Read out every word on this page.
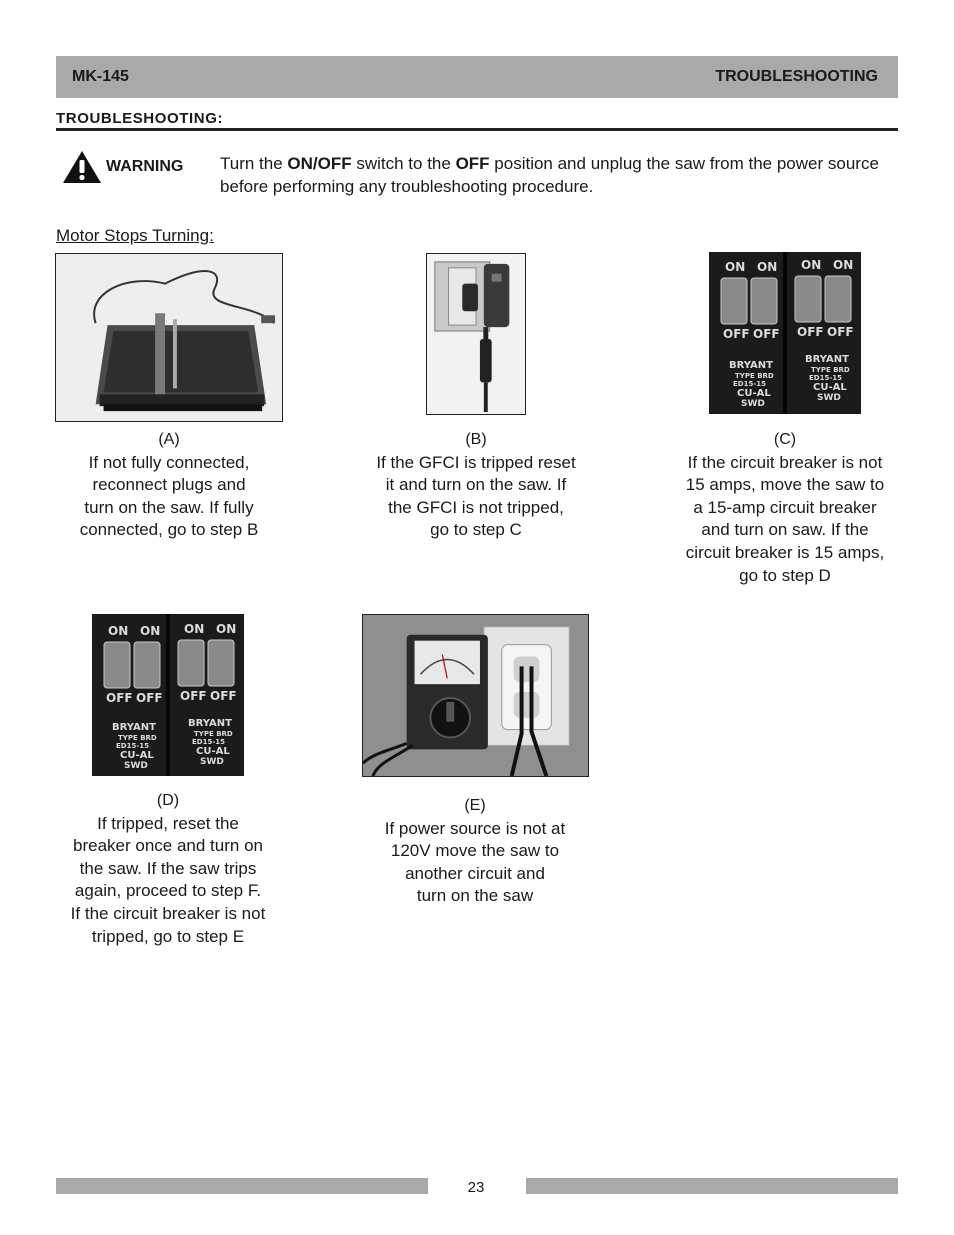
MK-145	TROUBLESHOOTING
TROUBLESHOOTING:
WARNING Turn the ON/OFF switch to the OFF position and unplug the saw from the power source before performing any troubleshooting procedure.
Motor Stops Turning:
ON ON ON ON
OFF OFF OFF OFF
BRYANT
TYPE BRD
ED15-15
CU-AL
SWD
BRYANT
TYPE BRD
ED15-15
CU-AL
SWD
ON ON ON ON
OFF OFF OFF OFF
BRYANT
TYPE BRD
ED15-15
CU-AL
SWD
BRYANT
TYPE BRD
ED15-15
CU-AL
SWD
(A)
If not fully connected,
reconnect plugs and
turn on the saw. If fully
connected, go to step B
(B)
If the GFCI is tripped reset
it and turn on the saw. If
the GFCI is not tripped,
go to step C
(C)
If the circuit breaker is not
15 amps, move the saw to
a 15-amp circuit breaker
and turn on saw. If the
circuit breaker is 15 amps,
go to step D
(D)
If tripped, reset the
breaker once and turn on
the saw. If the saw trips
again, proceed to step F.
If the circuit breaker is not
tripped, go to step E
(E)
If power source is not at
120V move the saw to
another circuit and
turn on the saw
23
